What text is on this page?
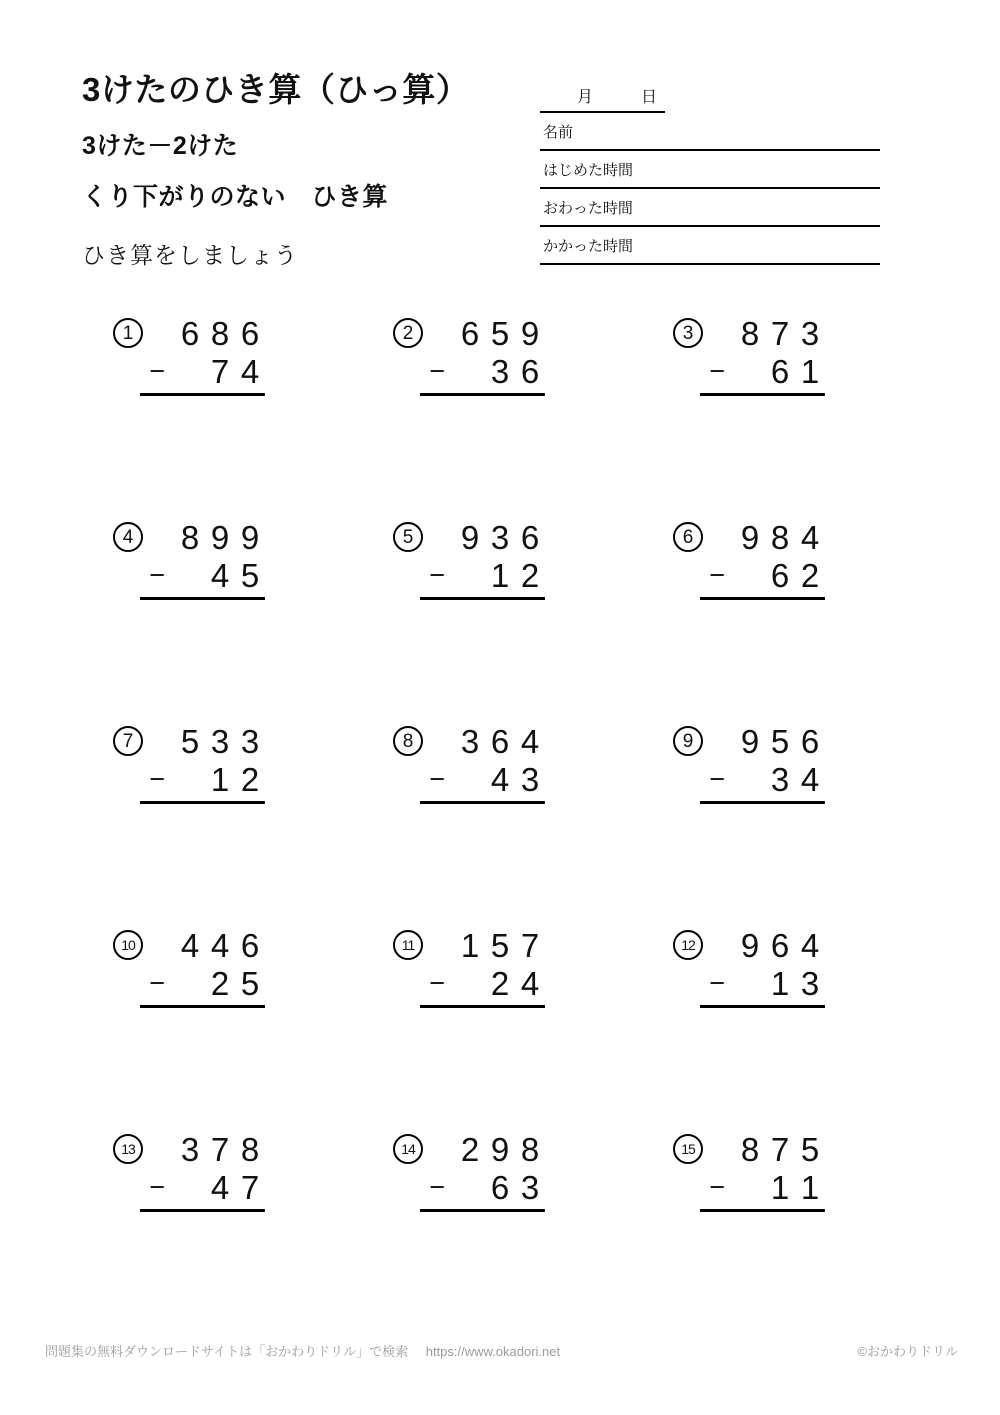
3けたのひき算（ひっ算）
3けた－2けた
くり下がりのない　ひき算
ひき算をしましょう
月	日
名前
はじめた時間
おわった時間
かかった時間
1 6 8 6
−	7 4
2 6 5 9
−	3 6
3 8 7 3
−	6 1
4 8 9 9
−	4 5
5 9 3 6
−	1 2
6 9 8 4
−	6 2
7 5 3 3
−	1 2
8 3 6 4
−	4 3
9 9 5 6
−	3 4
10 4 4 6
−	2 5
11 1 5 7
−	2 4
12 9 6 4
−	1 3
13 3 7 8
−	4 7
14 2 9 8
−	6 3
15 8 7 5
−	1 1
問題集の無料ダウンロードサイトは「おかわりドリル」で検索 https://www.okadori.net	©おかわりドリル
